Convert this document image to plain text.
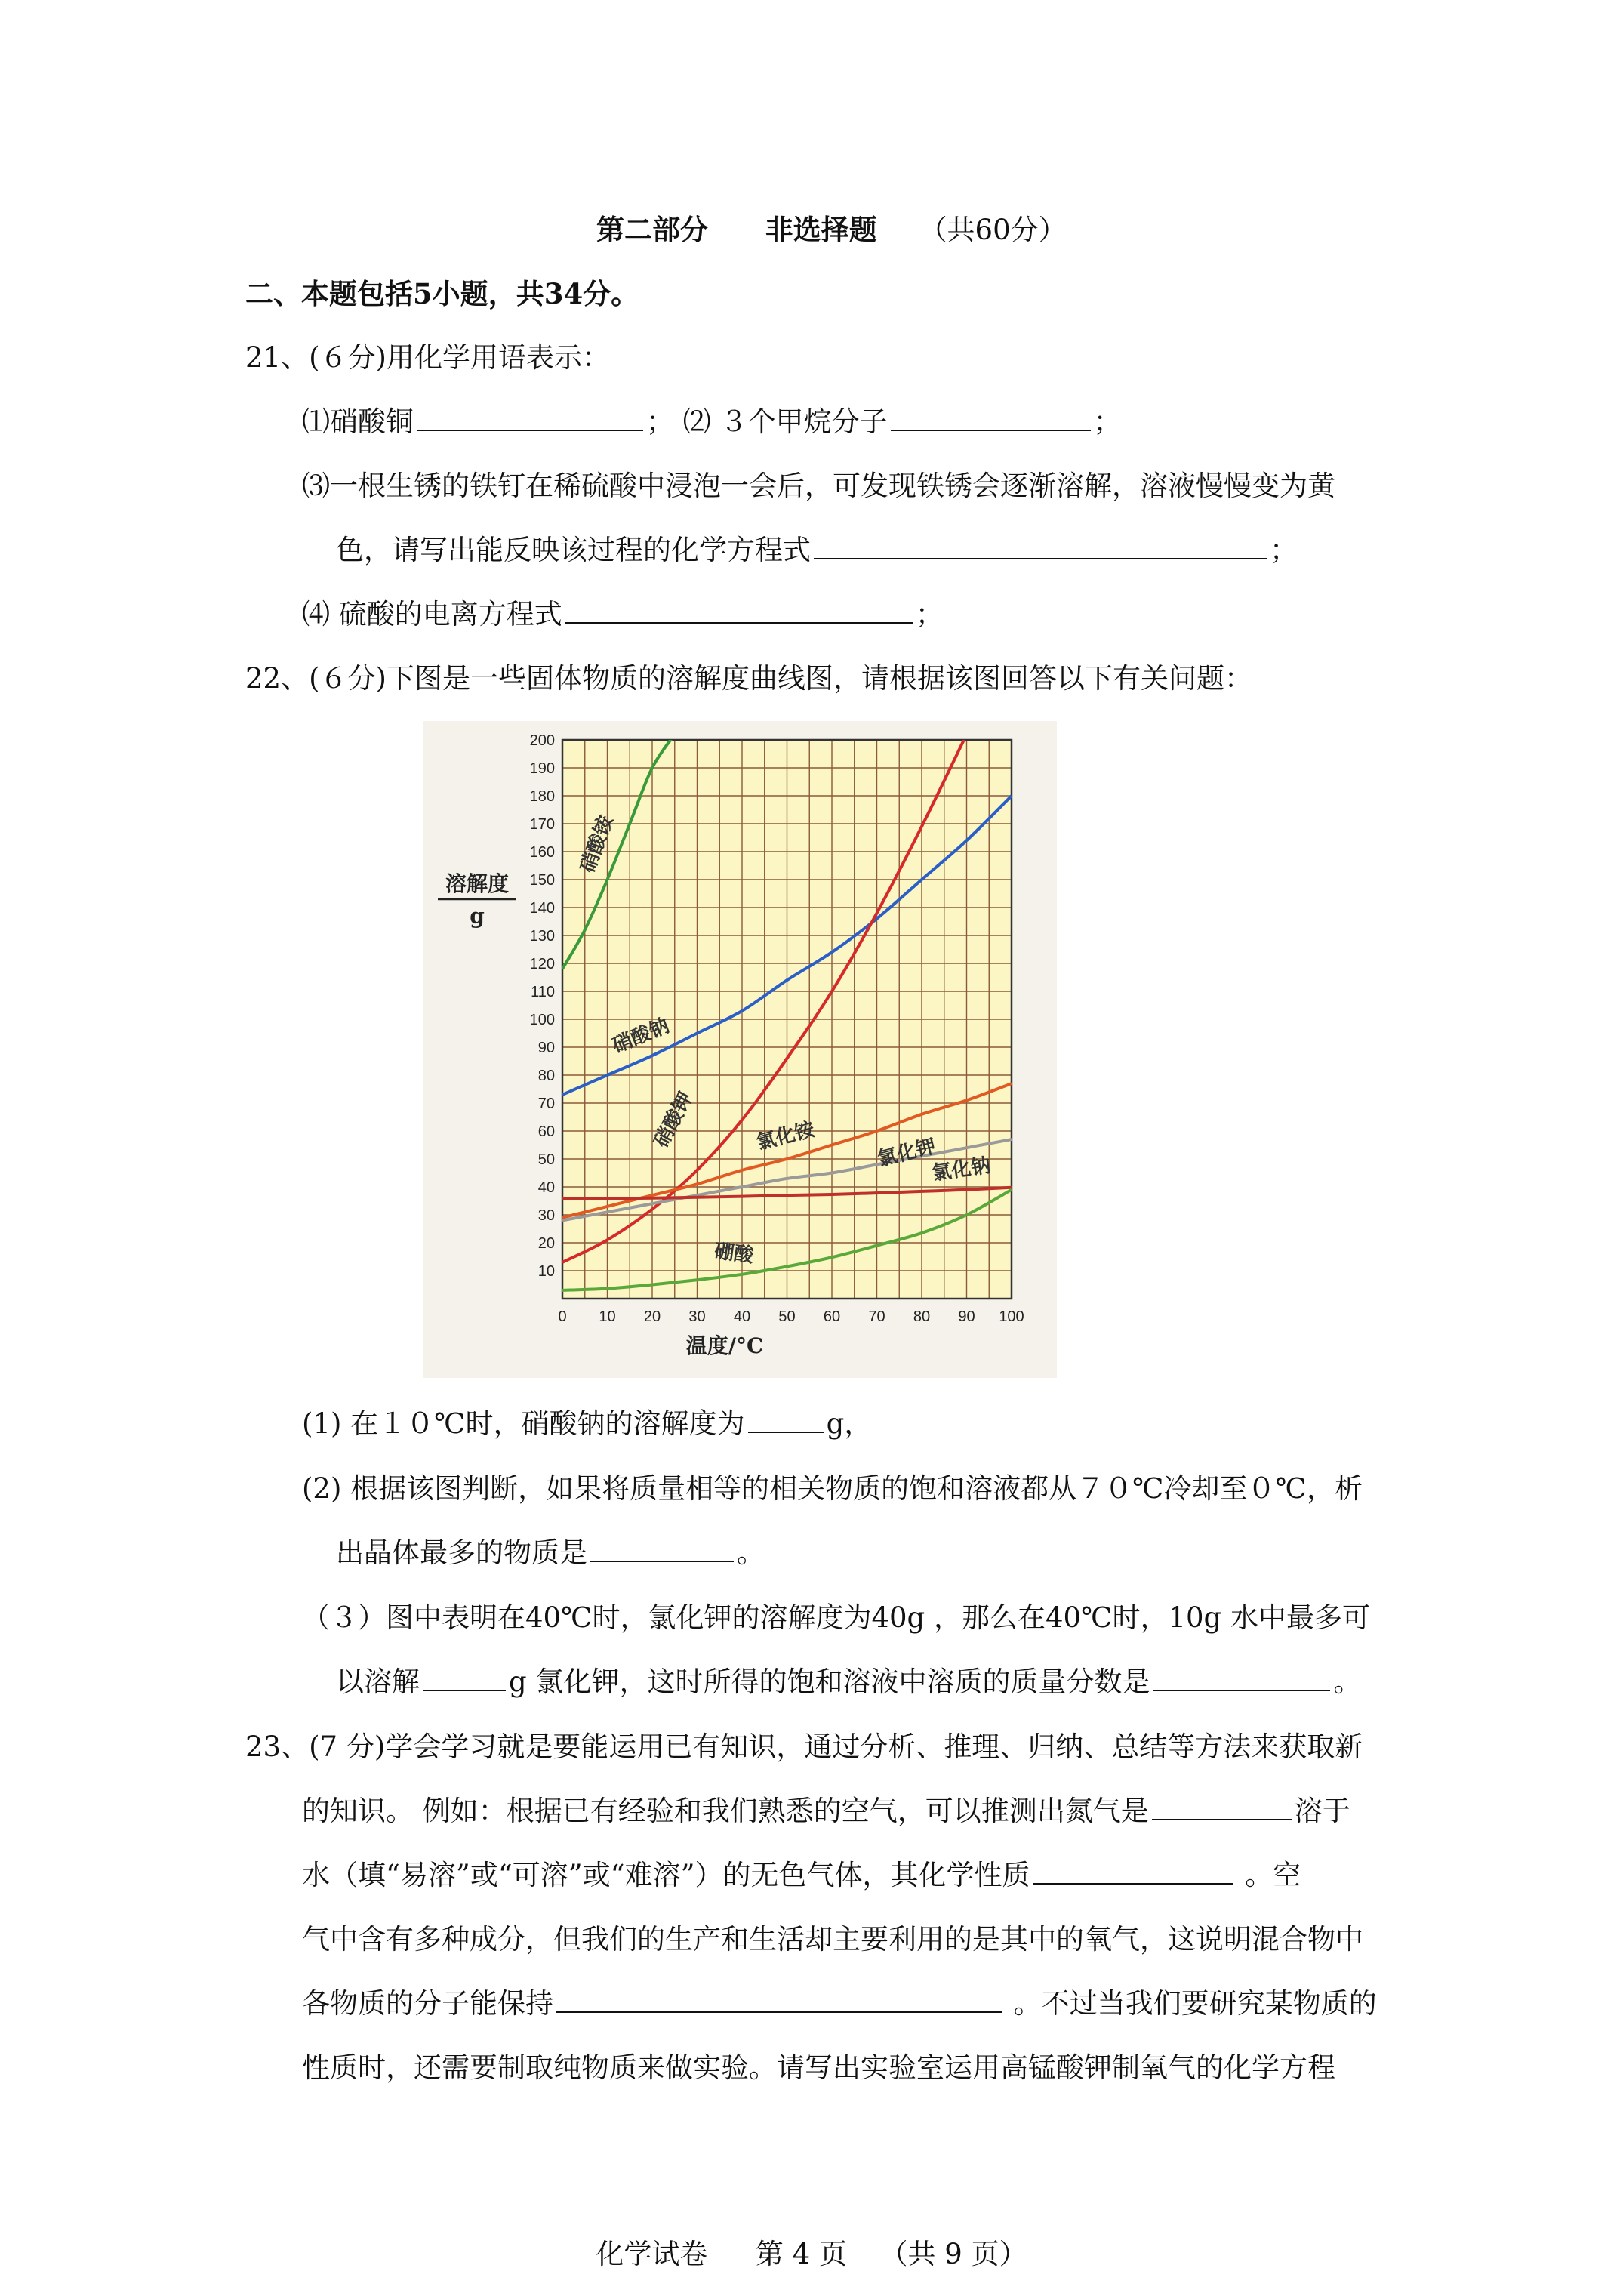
第二部分 非选择题 （共60分）
二、本题包括5小题，共34分。
21、(６分)用化学用语表示：
⑴硝酸铜	； ⑵ ３个甲烷分子	；
⑶一根生锈的铁钉在稀硫酸中浸泡一会后，可发现铁锈会逐渐溶解，溶液慢慢变为黄
色，请写出能反映该过程的化学方程式	；
⑷ 硫酸的电离方程式	；
22、(６分)下图是一些固体物质的溶解度曲线图，请根据该图回答以下有关问题：
0 10 20 30 40 50 60 70 80 90 100
10
20
30
40
50
60
70
80
90
100
110
120
130
140
150
160
170
180
190
200
溶解度
g
温度/°C
硝酸铵
硝酸钠
硝酸钾	氯化铵	氯化钾
氯化钠
硼酸
(1) 在１０℃时，硝酸钠的溶解度为	g，
(2) 根据该图判断，如果将质量相等的相关物质的饱和溶液都从７０℃冷却至０℃，析
出晶体最多的物质是	。
（３）图中表明在40℃时，氯化钾的溶解度为40g ，那么在40℃时，10g 水中最多可
以溶解	g 氯化钾，这时所得的饱和溶液中溶质的质量分数是	。
23、(7 分)学会学习就是要能运用已有知识，通过分析、推理、归纳、总结等方法来获取新
的知识。 例如：根据已有经验和我们熟悉的空气，可以推测出氮气是	溶于
水（填“易溶”或“可溶”或“难溶”）的无色气体，其化学性质	。空
气中含有多种成分，但我们的生产和生活却主要利用的是其中的氧气，这说明混合物中
各物质的分子能保持	。不过当我们要研究某物质的
性质时，还需要制取纯物质来做实验。请写出实验室运用高锰酸钾制氧气的化学方程
化学试卷 第 4 页 （共 9 页）
